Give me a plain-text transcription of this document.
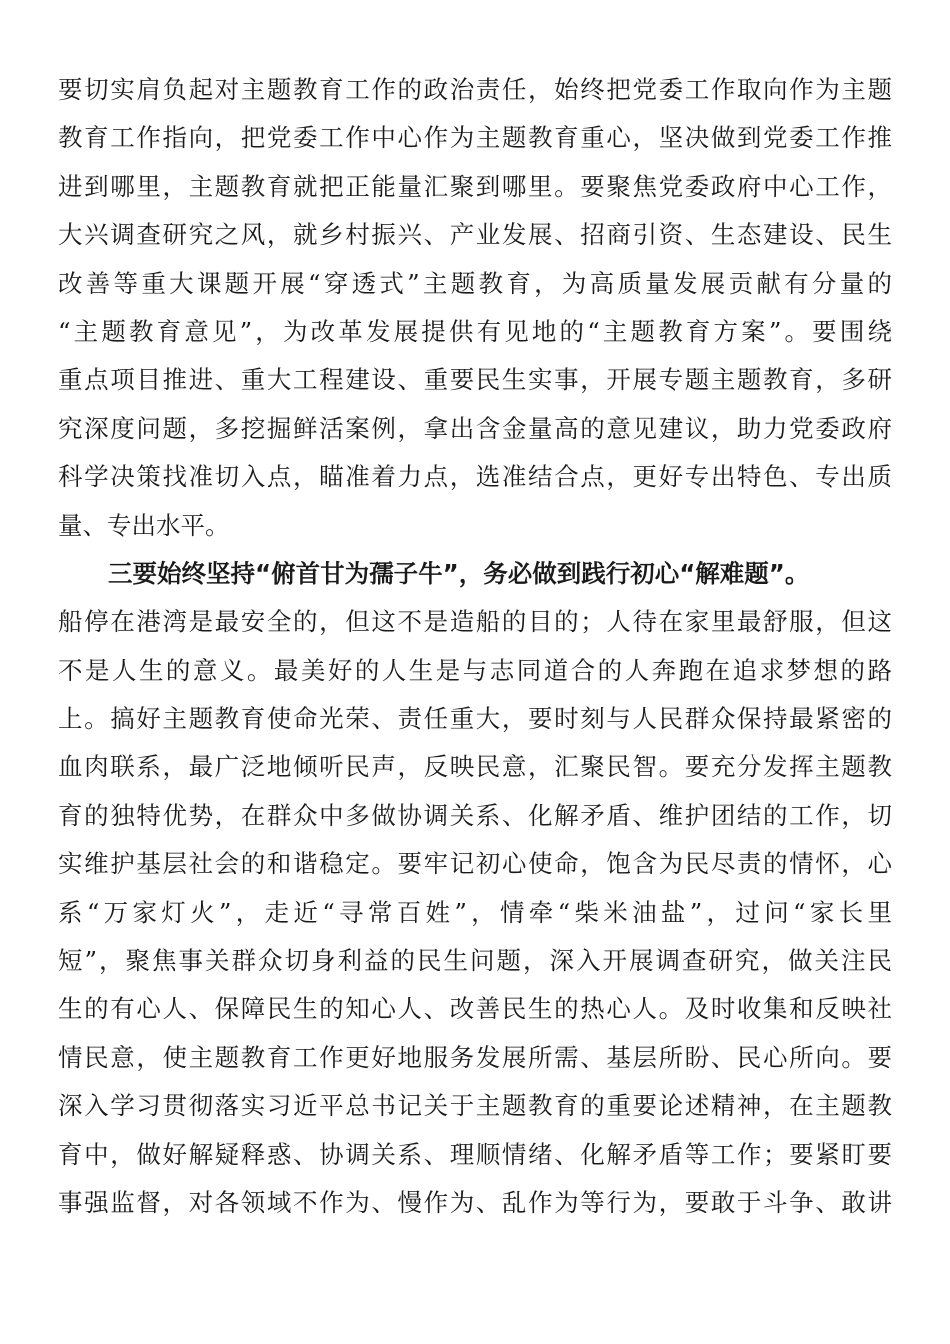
要切实肩负起对主题教育工作的政治责任，始终把党委工作取向作为主题
教育工作指向，把党委工作中心作为主题教育重心，坚决做到党委工作推
进到哪里，主题教育就把正能量汇聚到哪里。要聚焦党委政府中心工作，
大兴调查研究之风，就乡村振兴、产业发展、招商引资、生态建设、民生
改善等重大课题开展“穿透式”主题教育，为高质量发展贡献有分量的
“主题教育意见”，为改革发展提供有见地的“主题教育方案”。要围绕
重点项目推进、重大工程建设、重要民生实事，开展专题主题教育，多研
究深度问题，多挖掘鲜活案例，拿出含金量高的意见建议，助力党委政府
科学决策找准切入点，瞄准着力点，选准结合点，更好专出特色、专出质
量、专出水平。
三要始终坚持“俯首甘为孺子牛”，务必做到践行初心“解难题”。
船停在港湾是最安全的，但这不是造船的目的；人待在家里最舒服，但这
不是人生的意义。最美好的人生是与志同道合的人奔跑在追求梦想的路
上。搞好主题教育使命光荣、责任重大，要时刻与人民群众保持最紧密的
血肉联系，最广泛地倾听民声，反映民意，汇聚民智。要充分发挥主题教
育的独特优势，在群众中多做协调关系、化解矛盾、维护团结的工作，切
实维护基层社会的和谐稳定。要牢记初心使命，饱含为民尽责的情怀，心
系“万家灯火”，走近“寻常百姓”，情牵“柴米油盐”，过问“家长里
短”，聚焦事关群众切身利益的民生问题，深入开展调查研究，做关注民
生的有心人、保障民生的知心人、改善民生的热心人。及时收集和反映社
情民意，使主题教育工作更好地服务发展所需、基层所盼、民心所向。要
深入学习贯彻落实习近平总书记关于主题教育的重要论述精神，在主题教
育中，做好解疑释惑、协调关系、理顺情绪、化解矛盾等工作；要紧盯要
事强监督，对各领域不作为、慢作为、乱作为等行为，要敢于斗争、敢讲
